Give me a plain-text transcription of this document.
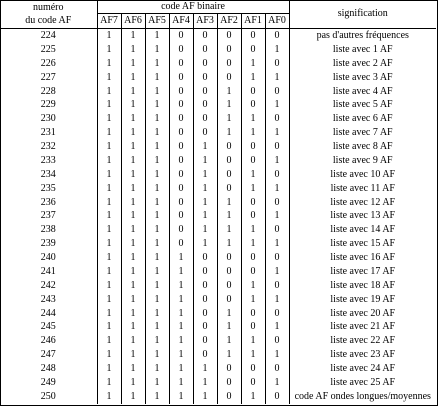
numéro
du code AF	code AF binaire								signification
	AF7	AF6	AF5	AF4	AF3	AF2	AF1	AF0	

224	1	1	1	0	0	0	0	0	pas d'autres fréquences
225	1	1	1	0	0	0	0	1	liste avec 1 AF
226	1	1	1	0	0	0	1	0	liste avec 2 AF
227	1	1	1	0	0	0	1	1	liste avec 3 AF
228	1	1	1	0	0	1	0	0	liste avec 4 AF
229	1	1	1	0	0	1	0	1	liste avec 5 AF
230	1	1	1	0	0	1	1	0	liste avec 6 AF
231	1	1	1	0	0	1	1	1	liste avec 7 AF
232	1	1	1	0	1	0	0	0	liste avec 8 AF
233	1	1	1	0	1	0	0	1	liste avec 9 AF
234	1	1	1	0	1	0	1	0	liste avec 10 AF
235	1	1	1	0	1	0	1	1	liste avec 11 AF
236	1	1	1	0	1	1	0	0	liste avec 12 AF
237	1	1	1	0	1	1	0	1	liste avec 13 AF
238	1	1	1	0	1	1	1	0	liste avec 14 AF
239	1	1	1	0	1	1	1	1	liste avec 15 AF
240	1	1	1	1	0	0	0	0	liste avec 16 AF
241	1	1	1	1	0	0	0	1	liste avec 17 AF
242	1	1	1	1	0	0	1	0	liste avec 18 AF
243	1	1	1	1	0	0	1	1	liste avec 19 AF
244	1	1	1	1	0	1	0	0	liste avec 20 AF
245	1	1	1	1	0	1	0	1	liste avec 21 AF
246	1	1	1	1	0	1	1	0	liste avec 22 AF
247	1	1	1	1	0	1	1	1	liste avec 23 AF
248	1	1	1	1	1	0	0	0	liste avec 24 AF
249	1	1	1	1	1	0	0	1	liste avec 25 AF
250	1	1	1	1	1	0	1	0	code AF ondes longues/moyennes
